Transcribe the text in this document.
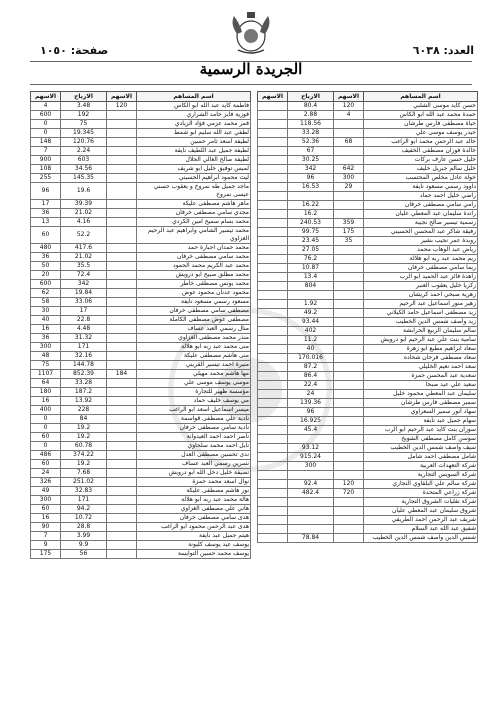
العدد: ٦٠٣٨
صفحة: ١٠٥٠
الجريدة الرسمية
اسم المساهم	الاسهم	الارباح	الاسهم
حسن كايد موسى الشلبي	120	80.4	
حمدة محمد عبد الله ابو الكاس	4	2.88	
حياة مصطفى فارس طرشان		118.56	
حيدر يوسف موسى علي		33.28	
خالد عبد الرحمن محمد ابو الراغب	68	52.36	
خالدة فوزان مصطفى الخفيف		67	
خليل حسن عارف بركات		30.25	
خليل سالم جبريل خليف	642	342	
خولة عادل مخلص المحتسب	300	96	
داوود رسمي مسعود نايفة	29	16.53	
راضي خليل احمد حماد			
رامي سامي مصطفى خرفان		16.22	
راندة سليمان عبد المعطي عليان		16.2	
رسمية تيسير صالح نجيبة	359	240.53	
رفيقة شاكر عبد المحسن الحسيني	175	99.75	
روبدة عمر نجيب بشير	35	23.45	
رياض عبد الوهاب محمد		27.05	
ريم محمد عبد ربه ابو هلالة		76.2	
ريما سامي مصطفى خرفان		10.87	
زاهدة فائز عبد الحميد ابو الرب		13.4	
زكريا خليل يعقوب العنبر		804	
زهرية صبحي احمد كريشان			
زهير منور اسماعيل عبد الرحيم		1.92	
زيد مصطفى اسماعيل حامد الكيلاني		49.2	
زيد واصف شمس الدين الخطيب		93.44	
سالم سليمان الربيع الحرابشة		402	
سامية بنت علي عبد الرحيم ابو درويش		11.2	
سعاد ابراهيم مطيع ابو زهرة		40	
سعاد مصطفى فرحان شحاده		170.016	
سعد احمد نعيم الخليلي		87.2	
سعدية عبد المحسن حمزة		86.4	
سعيد علي عيد صبحا		22.4	
سليمان عبد المعطي محمود خليل		24	
سمير مصطفى فارس طرشان		139.36	
سهاد أنور سمير السعراوي		96	
سهام جميل عبد نايفة		16.925	
سوزان بنت كايد عبد الرحيم ابو الرب		45.4	
سوسن كامل مصطفى الشويخ			
سيف واصف شمس الدين الخطيب		93.12	
شامل مصطفى احمد شامل		915.24	
شركة التعهدات العربية		300	
شركة السويس التجارية			
شركة سالم علي البلقاوي النجاري	120	92.4	
شركة زراعي المتحدة	720	482.4	
شركة تقليات الشروق التجارية			
شروق سليمان عبد المعطي عليان			
شريف عبد الرحمن احمد الطريفي			
شفيق عبد الله عبد السلام			
شمس الدين واصف شمس الدين الخطيب		78.84	
اسم المساهم	الاسهم	الارباح	الاسهم
فاطمة كايد عبد الله ابو الكاس	120	3.48	4
فوزية فايز حامد الشراري		192	600
قمر محمد عزمي فؤاد الزيادي		75	0
لطفي عبد الله سليم ابو شمط		19.345	0
لطيفة اسعد ثامر حسين		120.76	148
لطيفة جميل عبد اللطيف نايفة		2.24	7
لطيفة صالح الغالي الجلال		603	900
لميس توفيق خليل ابو شريف		34.56	108
ليث محمود ابراهيم الحسيني		145.35	255
ماجد جميل طه نمروخ و يعقوب حسني عيسى نمروخ		19.6	96
ماهر هاشم مصطفى عليكة		39.39	17
مجدي سامي مصطفى خرفان		21.02	36
محمد بسام سميح امين الكردي		4.16	13
محمد تيسير الشامي وابراهيم عبد الرحيم الغزاوي		52.2	60
محمد حمدان اجبارة حمد		417.6	480
محمد سامي مصطفى خرفان		21.02	36
محمد عبد الكريم محمد الحمود		35.5	50
محمد مطلق صبيح ابو درويش		72.4	20
محمد يونس مصطفى خاطر		342	600
محمود عدنان محمود عوض		19.84	62
مسعود رسمي مسعود نايفة		33.06	58
مصطفى سامي مصطفى خرفان		17	30
مصطفى عوض مصطفى الكاملة		22.8	40
منال رسمي العبد عساف		4.48	16
منذر محمد مصطفى الغزاوي		31.32	36
منى محمد عبد ربه ابو هلالة		171	300
منى هاشم مصطفى عليكة		32.16	48
منيرة احمد تيسير القريني		144.78	75
مها هاشم محمد مهيلي	184	852.39	1107
موسى يوسف موسى علي		33.28	64
مؤسسة ظهير للتجارة		187.2	180
مي يوسف خليف حماد		13.92	16
ميسر اسماعيل اسعد ابو الراغب		228	400
نادية علي مصطفى قواسمة		84	0
نادية سامي مصطفى خرفان		19.2	0
ناصر احمد احمد العيدوانة		19.2	60
نايل احمد محمد سلحاوي		60.78	0
ندى تحسين مصطفى العدل		374.22	486
نسرين رسمي العبد عساف		19.2	60
نصيفة خليل دخل الله ابو درويش		7.68	24
نوال اسعد محمد حمزة		251.02	326
نور هاشم مصطفى عليكة		32.83	49
هالة محمد عبد ربه ابو هلالة		171	300
هاني علي مصطفى الغزاوي		94.2	60
هدى سامي مصطفى خرفان		10.72	16
هدى عبد الرحمن محمود ابو الراغب		28.8	90
هيثم جميل عبد نايفة		3.99	7
يوسف عيد يوسف كليونة		9.9	9
يوسف محمد حسين التوايسة		56	175
